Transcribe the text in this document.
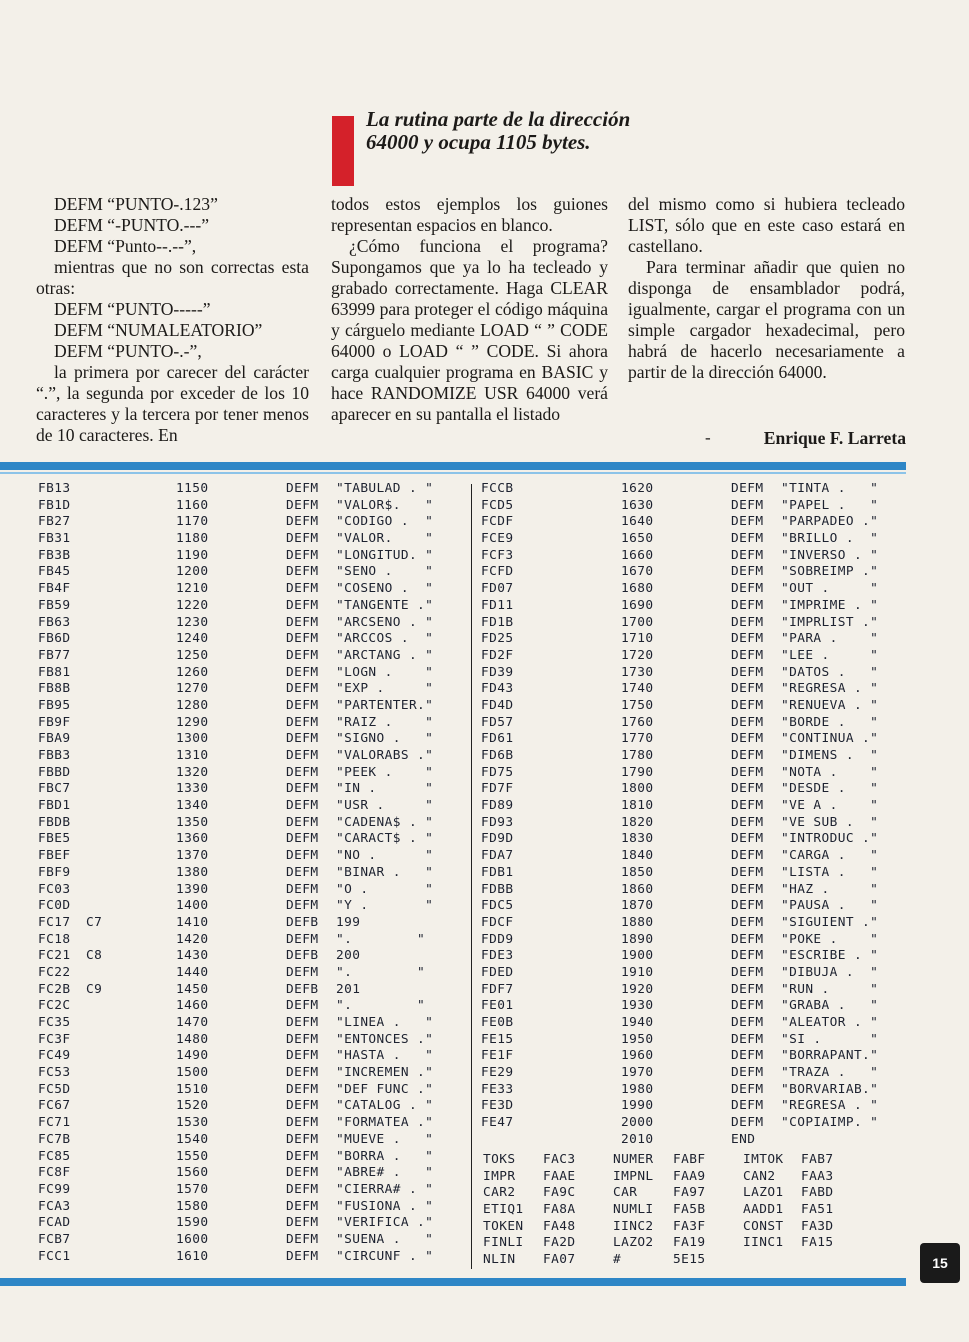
La rutina parte de la dirección 64000 y ocupa 1105 bytes.

DEFM “PUNTO-.123”

DEFM “-PUNTO.---”

DEFM “Punto--.--”,

mientras que no son correctas esta otras:

DEFM “PUNTO-----”

DEFM “NUMALEATORIO”

DEFM “PUNTO-.-”,

la primera por carecer del carácter “.”, la segunda por exceder de los 10 caracteres y la tercera por tener menos de 10 caracteres. En

todos estos ejemplos los guiones representan espacios en blanco.

¿Cómo funciona el programa? Supongamos que ya lo ha tecleado y grabado correctamente. Haga CLEAR 63999 para proteger el código máquina y cárguelo mediante LOAD “ ” CODE 64000 o LOAD “ ” CODE. Si ahora carga cualquier programa en BASIC y hace RANDOMIZE USR 64000 verá aparecer en su pantalla el listado

del mismo como si hubiera tecleado LIST, sólo que en este caso estará en castellano.

Para terminar añadir que quien no disponga de ensamblador podrá, igualmente, cargar el programa con un simple cargador hexadecimal, pero habrá de hacerlo necesariamente a partir de la dirección 64000.

-	Enrique F. Larreta
FB13	1150	DEFM "TABULAD . "
FB1D	1160	DEFM "VALOR$.   "
FB27	1170	DEFM "CODIGO .  "
FB31	1180	DEFM "VALOR.    "
FB3B	1190	DEFM "LONGITUD. "
FB45	1200	DEFM "SENO .    "
FB4F	1210	DEFM "COSENO .  "
FB59	1220	DEFM "TANGENTE ."
FB63	1230	DEFM "ARCSENO . "
FB6D	1240	DEFM "ARCCOS .  "
FB77	1250	DEFM "ARCTANG . "
FB81	1260	DEFM "LOGN .    "
FB8B	1270	DEFM "EXP .     "
FB95	1280	DEFM "PARTENTER."
FB9F	1290	DEFM "RAIZ .    "
FBA9	1300	DEFM "SIGNO .   "
FBB3	1310	DEFM "VALORABS ."
FBBD	1320	DEFM "PEEK .    "
FBC7	1330	DEFM "IN .      "
FBD1	1340	DEFM "USR .     "
FBDB	1350	DEFM "CADENA$ . "
FBE5	1360	DEFM "CARACT$ . "
FBEF	1370	DEFM "NO .      "
FBF9	1380	DEFM "BINAR .   "
FC03	1390	DEFM "O .       "
FC0D	1400	DEFM "Y .       "
FC17 C7	1410	DEFB 199
FC18	1420	DEFM ".        "
FC21 C8	1430	DEFB 200
FC22	1440	DEFM ".        "
FC2B C9	1450	DEFB 201
FC2C	1460	DEFM ".        "
FC35	1470	DEFM "LINEA .   "
FC3F	1480	DEFM "ENTONCES ."
FC49	1490	DEFM "HASTA .   "
FC53	1500	DEFM "INCREMEN ."
FC5D	1510	DEFM "DEF FUNC ."
FC67	1520	DEFM "CATALOG . "
FC71	1530	DEFM "FORMATEA ."
FC7B	1540	DEFM "MUEVE .   "
FC85	1550	DEFM "BORRA .   "
FC8F	1560	DEFM "ABRE# .   "
FC99	1570	DEFM "CIERRA# . "
FCA3	1580	DEFM "FUSIONA . "
FCAD	1590	DEFM "VERIFICA ."
FCB7	1600	DEFM "SUENA .   "
FCC1	1610	DEFM "CIRCUNF . "
FCCB	1620	DEFM "TINTA .   "
FCD5	1630	DEFM "PAPEL .   "
FCDF	1640	DEFM "PARPADEO ."
FCE9	1650	DEFM "BRILLO .  "
FCF3	1660	DEFM "INVERSO . "
FCFD	1670	DEFM "SOBREIMP ."
FD07	1680	DEFM "OUT .     "
FD11	1690	DEFM "IMPRIME . "
FD1B	1700	DEFM "IMPRLIST ."
FD25	1710	DEFM "PARA .    "
FD2F	1720	DEFM "LEE .     "
FD39	1730	DEFM "DATOS .   "
FD43	1740	DEFM "REGRESA . "
FD4D	1750	DEFM "RENUEVA . "
FD57	1760	DEFM "BORDE .   "
FD61	1770	DEFM "CONTINUA ."
FD6B	1780	DEFM "DIMENS .  "
FD75	1790	DEFM "NOTA .    "
FD7F	1800	DEFM "DESDE .   "
FD89	1810	DEFM "VE A .    "
FD93	1820	DEFM "VE SUB .  "
FD9D	1830	DEFM "INTRODUC ."
FDA7	1840	DEFM "CARGA .   "
FDB1	1850	DEFM "LISTA .   "
FDBB	1860	DEFM "HAZ .     "
FDC5	1870	DEFM "PAUSA .   "
FDCF	1880	DEFM "SIGUIENT ."
FDD9	1890	DEFM "POKE .    "
FDE3	1900	DEFM "ESCRIBE . "
FDED	1910	DEFM "DIBUJA .  "
FDF7	1920	DEFM "RUN .     "
FE01	1930	DEFM "GRABA .   "
FE0B	1940	DEFM "ALEATOR . "
FE15	1950	DEFM "SI .      "
FE1F	1960	DEFM "BORRAPANT."
FE29	1970	DEFM "TRAZA .   "
FE33	1980	DEFM "BORVARIAB."
FE3D	1990	DEFM "REGRESA . "
FE47	2000	DEFM "COPIAIMP. "
2010	END
TOKS FAC3	NUMER FABF	IMTOK FAB7
IMPR FAAE	IMPNL FAA9	CAN2 FAA3
CAR2 FA9C	CAR	FA97	LAZO1 FABD
ETIQ1 FA8A	NUMLI FA5B	AADD1 FA51
TOKEN FA48	IINC2 FA3F	CONST FA3D
FINLI FA2D	LAZO2 FA19	IINC1 FA15
NLIN FA07	#	5E15	15
